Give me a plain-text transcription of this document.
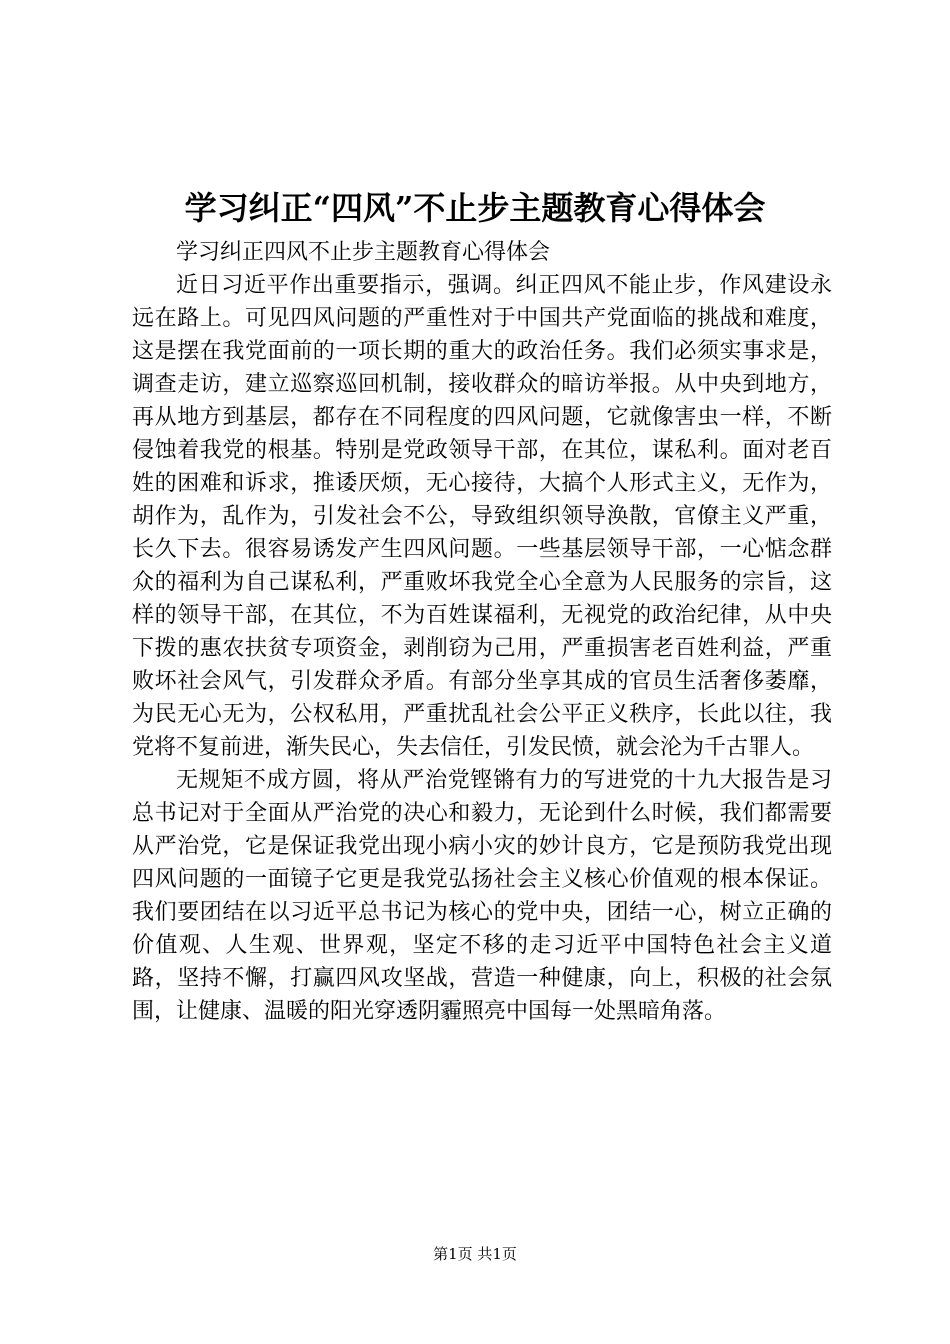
学习纠正“四风”不止步主题教育心得体会

学习纠正四风不止步主题教育心得体会

近日习近平作出重要指示，强调。纠正四风不能止步，作风建设永远在路上。可见四风问题的严重性对于中国共产党面临的挑战和难度，这是摆在我党面前的一项长期的重大的政治任务。我们必须实事求是，调查走访，建立巡察巡回机制，接收群众的暗访举报。从中央到地方，再从地方到基层，都存在不同程度的四风问题，它就像害虫一样，不断侵蚀着我党的根基。特别是党政领导干部，在其位，谋私利。面对老百姓的困难和诉求，推诿厌烦，无心接待，大搞个人形式主义，无作为，胡作为，乱作为，引发社会不公，导致组织领导涣散，官僚主义严重，长久下去。很容易诱发产生四风问题。一些基层领导干部，一心惦念群众的福利为自己谋私利，严重败坏我党全心全意为人民服务的宗旨，这样的领导干部，在其位，不为百姓谋福利，无视党的政治纪律，从中央下拨的惠农扶贫专项资金，剥削窃为己用，严重损害老百姓利益，严重败坏社会风气，引发群众矛盾。有部分坐享其成的官员生活奢侈萎靡，为民无心无为，公权私用，严重扰乱社会公平正义秩序，长此以往，我党将不复前进，渐失民心，失去信任，引发民愤，就会沦为千古罪人。

无规矩不成方圆，将从严治党铿锵有力的写进党的十九大报告是习总书记对于全面从严治党的决心和毅力，无论到什么时候，我们都需要从严治党，它是保证我党出现小病小灾的妙计良方，它是预防我党出现四风问题的一面镜子它更是我党弘扬社会主义核心价值观的根本保证。我们要团结在以习近平总书记为核心的党中央，团结一心，树立正确的价值观、人生观、世界观，坚定不移的走习近平中国特色社会主义道路，坚持不懈，打赢四风攻坚战，营造一种健康，向上，积极的社会氛围，让健康、温暖的阳光穿透阴霾照亮中国每一处黑暗角落。

第1页 共1页
